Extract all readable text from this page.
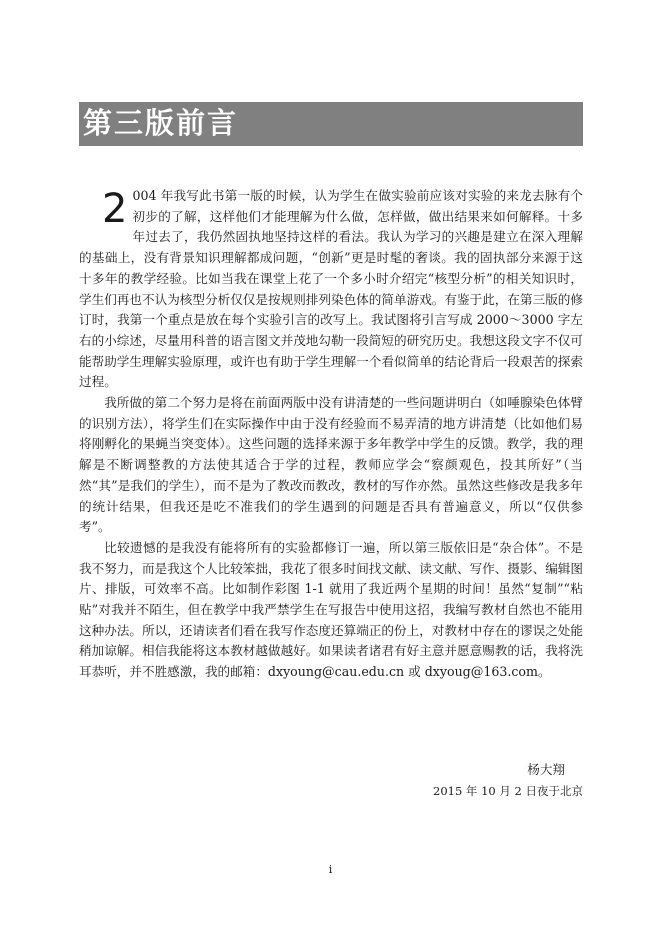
第三版前言

2 004 年我写此书第一版的时候，认为学生在做实验前应该对实验的来龙去脉有个初步的了解，这样他们才能理解为什么做，怎样做，做出结果来如何解释。十多年过去了，我仍然固执地坚持这样的看法。我认为学习的兴趣是建立在深入理解的基础上，没有背景知识理解都成问题，“创新”更是时髦的奢谈。我的固执部分来源于这十多年的教学经验。比如当我在课堂上花了一个多小时介绍完“核型分析”的相关知识时，学生们再也不认为核型分析仅仅是按规则排列染色体的简单游戏。有鉴于此，在第三版的修订时，我第一个重点是放在每个实验引言的改写上。我试图将引言写成 2000～3000 字左右的小综述，尽量用科普的语言图文并茂地勾勒一段简短的研究历史。我想这段文字不仅可能帮助学生理解实验原理，或许也有助于学生理解一个看似简单的结论背后一段艰苦的探索过程。

我所做的第二个努力是将在前面两版中没有讲清楚的一些问题讲明白（如唾腺染色体臂的识别方法），将学生们在实际操作中由于没有经验而不易弄清的地方讲清楚（比如他们易将刚孵化的果蝇当突变体）。这些问题的选择来源于多年教学中学生的反馈。教学，我的理解是不断调整教的方法使其适合于学的过程，教师应学会“察颜观色，投其所好”（当然“其”是我们的学生），而不是为了教改而教改，教材的写作亦然。虽然这些修改是我多年的统计结果，但我还是吃不准我们的学生遇到的问题是否具有普遍意义，所以“仅供参考”。

比较遗憾的是我没有能将所有的实验都修订一遍，所以第三版依旧是“杂合体”。不是我不努力，而是我这个人比较笨拙，我花了很多时间找文献、读文献、写作、摄影、编辑图片、排版，可效率不高。比如制作彩图 1-1 就用了我近两个星期的时间！虽然“复制”“粘贴”对我并不陌生，但在教学中我严禁学生在写报告中使用这招，我编写教材自然也不能用这种办法。所以，还请读者们看在我写作态度还算端正的份上，对教材中存在的谬误之处能稍加谅解。相信我能将这本教材越做越好。如果读者诸君有好主意并愿意赐教的话，我将洗耳恭听，并不胜感激，我的邮箱：dxyoung@cau.edu.cn 或 dxyoug@163.com。

杨大翔
2015 年 10 月 2 日夜于北京
i
